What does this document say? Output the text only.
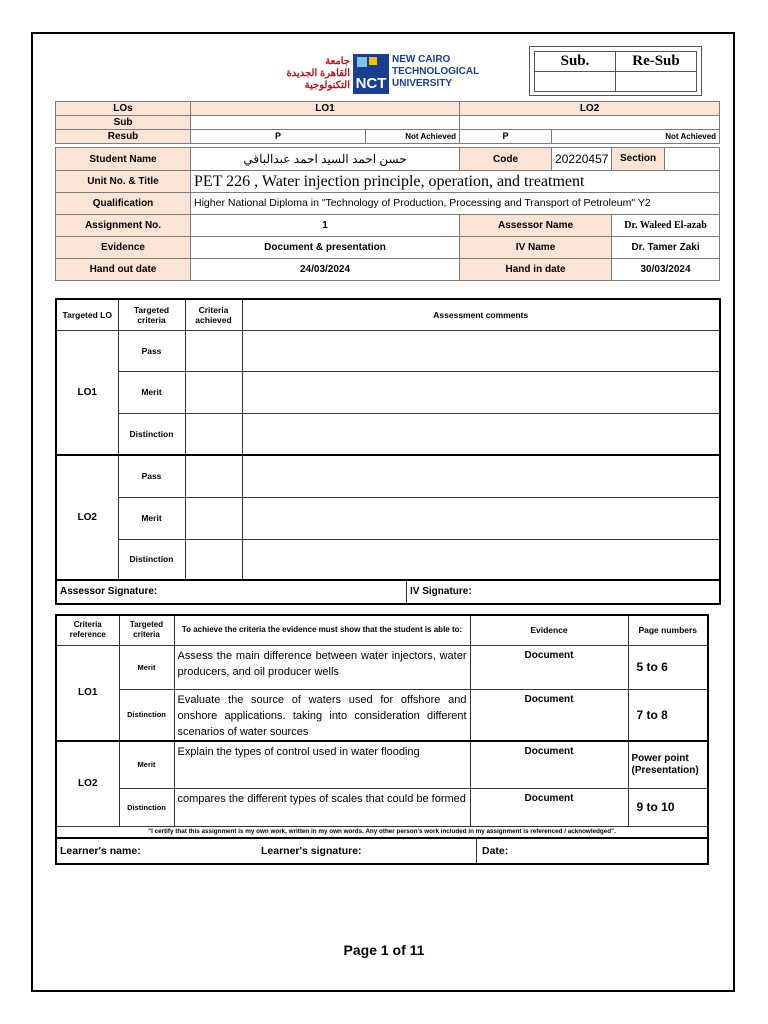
جامعة
القاهرة الجديدة
التكنولوجية NCT
NEW CAIRO
TECHNOLOGICAL
UNIVERSITY
Sub.	Re-Sub

LOs	LO1		LO2		
Sub					
Resub	P	Not Achieved	P	Not Achieved	

Student Name	حسن احمد السيد احمد عبدالباقي		Code	20220457	Section

Unit No. & Title	PET 226 , Water injection principle, operation, and treatment				
Qualification	Higher National Diploma in "Technology of Production, Processing and Transport of Petroleum" Y2				
Assignment No.	1		Assessor Name		Dr. Waleed El-azab
Evidence	Document & presentation		IV Name		Dr. Tamer Zaki
Hand out date	24/03/2024		Hand in date		30/03/2024
Targeted LO	Targeted criteria	Criteria achieved	Assessment comments
LO1	Pass		
	Merit		
	Distinction		
LO2	Pass		
	Merit		
	Distinction		

Assessor Signature: IV Signature:			
Criteria reference	Targeted criteria	To achieve the criteria the evidence must show that the student is able to:	Evidence	Page numbers
LO1	Merit	Assess the main difference between water injectors, water producers, and oil producer wells	Document	5 to 6
	Distinction	Evaluate the source of waters used for offshore and onshore applications. taking into consideration different scenarios of water sources	Document	7 to 8
LO2	Merit	Explain the types of control used in water flooding	Document	Power point (Presentation)
	Distinction	compares the different types of scales that could be formed	Document	9 to 10
"I certify that this assignment is my own work, written in my own words. Any other person's work included in my assignment is referenced / acknowledged".				

Learner's name: Learner's signature: Date:				
Page 1 of 11
